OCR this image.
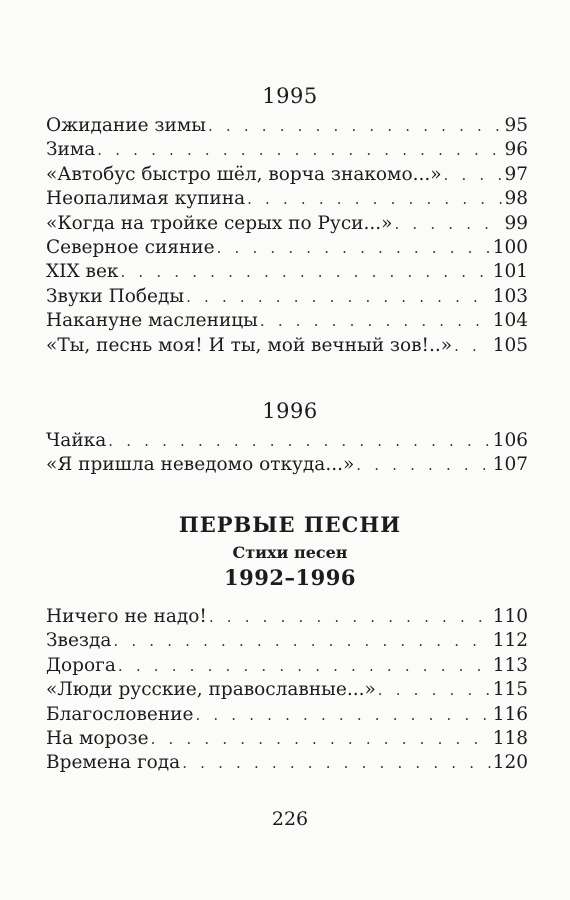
1995
Ожидание зимы . . .	95
Зима . . .	96
«Автобус быстро шёл, ворча знакомо...» . . .	97
Неопалимая купина . . .	98
«Когда на тройке серых по Руси...» . . .	99
Северное сияние . . .	100
XIX век . . .	101
Звуки Победы . . .	103
Накануне масленицы . . .	104
«Ты, песнь моя! И ты, мой вечный зов!..» . . . 105
1996
Чайка . . .	106
«Я пришла неведомо откуда...» . . .	107
ПЕРВЫЕ ПЕСНИ
Стихи песен
1992–1996
Ничего не надо! . . .	110
Звезда . . .	112
Дорога . . .	113
«Люди русские, православные...» . . .	115
Благословение . . .	116
На морозе . . .	118
Времена года . . .	120
226
